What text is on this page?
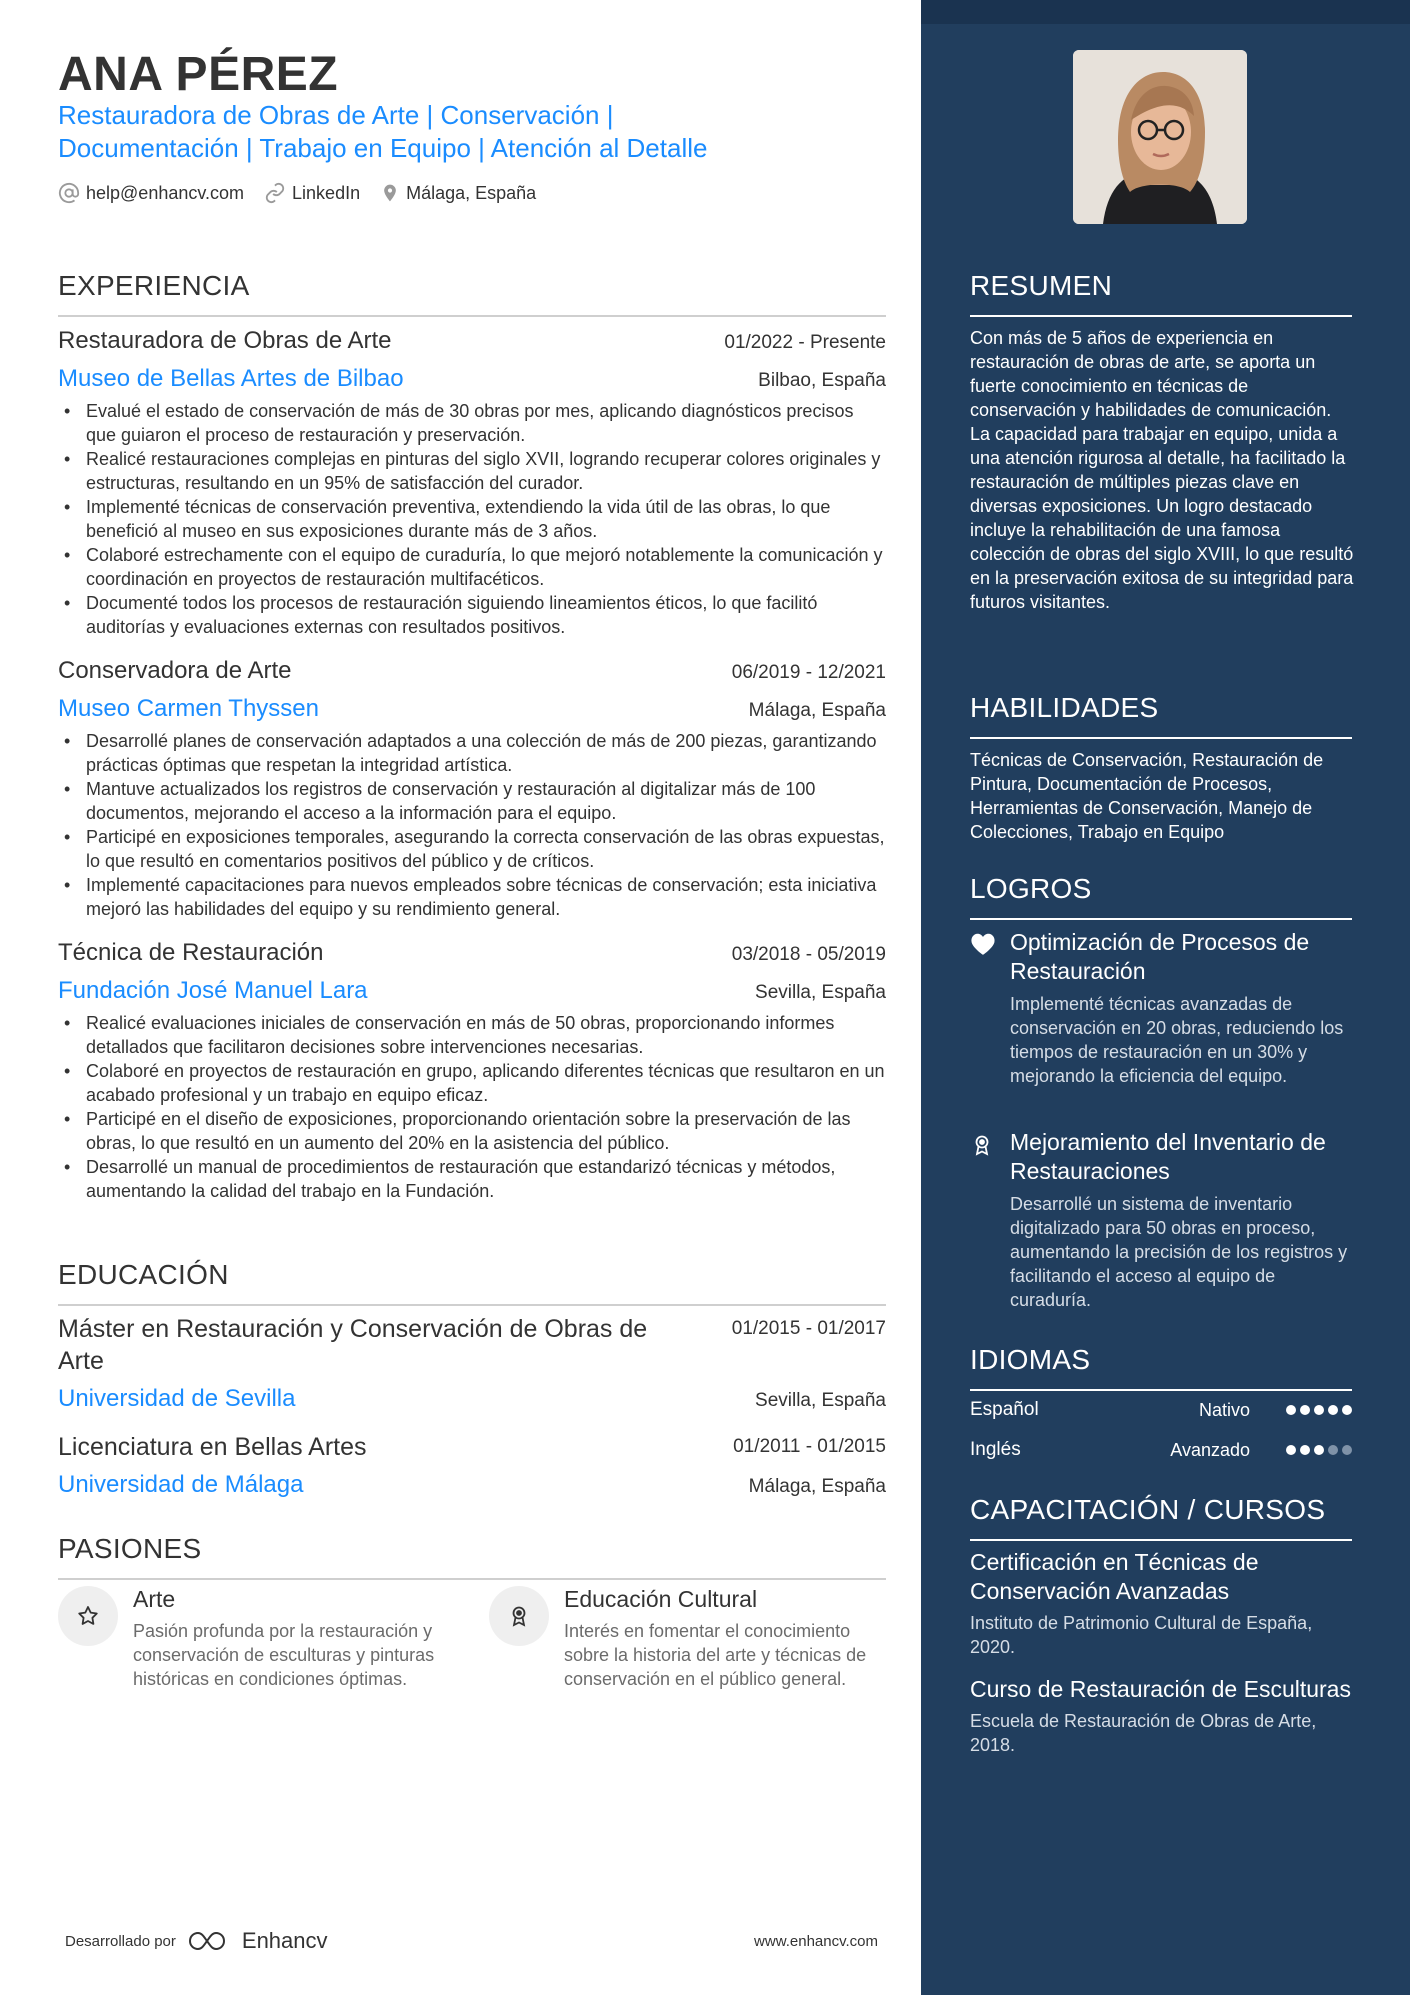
ANA PÉREZ
Restauradora de Obras de Arte | Conservación |
Documentación | Trabajo en Equipo | Atención al Detalle
help@enhancv.com	LinkedIn	Málaga, España
EXPERIENCIA
Restauradora de Obras de Arte	01/2022 - Presente
Museo de Bellas Artes de Bilbao	Bilbao, España
• Evalué el estado de conservación de más de 30 obras por mes, aplicando diagnósticos precisos que guiaron el proceso de restauración y preservación.
• Realicé restauraciones complejas en pinturas del siglo XVII, logrando recuperar colores originales y estructuras, resultando en un 95% de satisfacción del curador.
• Implementé técnicas de conservación preventiva, extendiendo la vida útil de las obras, lo que benefició al museo en sus exposiciones durante más de 3 años.
• Colaboré estrechamente con el equipo de curaduría, lo que mejoró notablemente la comunicación y coordinación en proyectos de restauración multifacéticos.
• Documenté todos los procesos de restauración siguiendo lineamientos éticos, lo que facilitó auditorías y evaluaciones externas con resultados positivos.
Conservadora de Arte	06/2019 - 12/2021
Museo Carmen Thyssen	Málaga, España
• Desarrollé planes de conservación adaptados a una colección de más de 200 piezas, garantizando prácticas óptimas que respetan la integridad artística.
• Mantuve actualizados los registros de conservación y restauración al digitalizar más de 100 documentos, mejorando el acceso a la información para el equipo.
• Participé en exposiciones temporales, asegurando la correcta conservación de las obras expuestas, lo que resultó en comentarios positivos del público y de críticos.
• Implementé capacitaciones para nuevos empleados sobre técnicas de conservación; esta iniciativa mejoró las habilidades del equipo y su rendimiento general.
Técnica de Restauración	03/2018 - 05/2019
Fundación José Manuel Lara	Sevilla, España
• Realicé evaluaciones iniciales de conservación en más de 50 obras, proporcionando informes detallados que facilitaron decisiones sobre intervenciones necesarias.
• Colaboré en proyectos de restauración en grupo, aplicando diferentes técnicas que resultaron en un acabado profesional y un trabajo en equipo eficaz.
• Participé en el diseño de exposiciones, proporcionando orientación sobre la preservación de las obras, lo que resultó en un aumento del 20% en la asistencia del público.
• Desarrollé un manual de procedimientos de restauración que estandarizó técnicas y métodos, aumentando la calidad del trabajo en la Fundación.
EDUCACIÓN
Máster en Restauración y Conservación de Obras de Arte
01/2015 - 01/2017
Universidad de Sevilla	Sevilla, España
Licenciatura en Bellas Artes	01/2011 - 01/2015
Universidad de Málaga	Málaga, España
PASIONES
Arte
Pasión profunda por la restauración y conservación de esculturas y pinturas históricas en condiciones óptimas.
Educación Cultural
Interés en fomentar el conocimiento sobre la historia del arte y técnicas de conservación en el público general.
Desarrollado por	Enhancv	www.enhancv.com
RESUMEN
Con más de 5 años de experiencia en restauración de obras de arte, se aporta un fuerte conocimiento en técnicas de conservación y habilidades de comunicación. La capacidad para trabajar en equipo, unida a una atención rigurosa al detalle, ha facilitado la restauración de múltiples piezas clave en diversas exposiciones. Un logro destacado incluye la rehabilitación de una famosa colección de obras del siglo XVIII, lo que resultó en la preservación exitosa de su integridad para futuros visitantes.
HABILIDADES
Técnicas de Conservación, Restauración de Pintura, Documentación de Procesos, Herramientas de Conservación, Manejo de Colecciones, Trabajo en Equipo
LOGROS
Optimización de Procesos de Restauración
Implementé técnicas avanzadas de conservación en 20 obras, reduciendo los tiempos de restauración en un 30% y mejorando la eficiencia del equipo.
Mejoramiento del Inventario de Restauraciones
Desarrollé un sistema de inventario digitalizado para 50 obras en proceso, aumentando la precisión de los registros y facilitando el acceso al equipo de curaduría.
IDIOMAS
Español	Nativo
Inglés	Avanzado
CAPACITACIÓN / CURSOS
Certificación en Técnicas de Conservación Avanzadas
Instituto de Patrimonio Cultural de España, 2020.
Curso de Restauración de Esculturas
Escuela de Restauración de Obras de Arte, 2018.
